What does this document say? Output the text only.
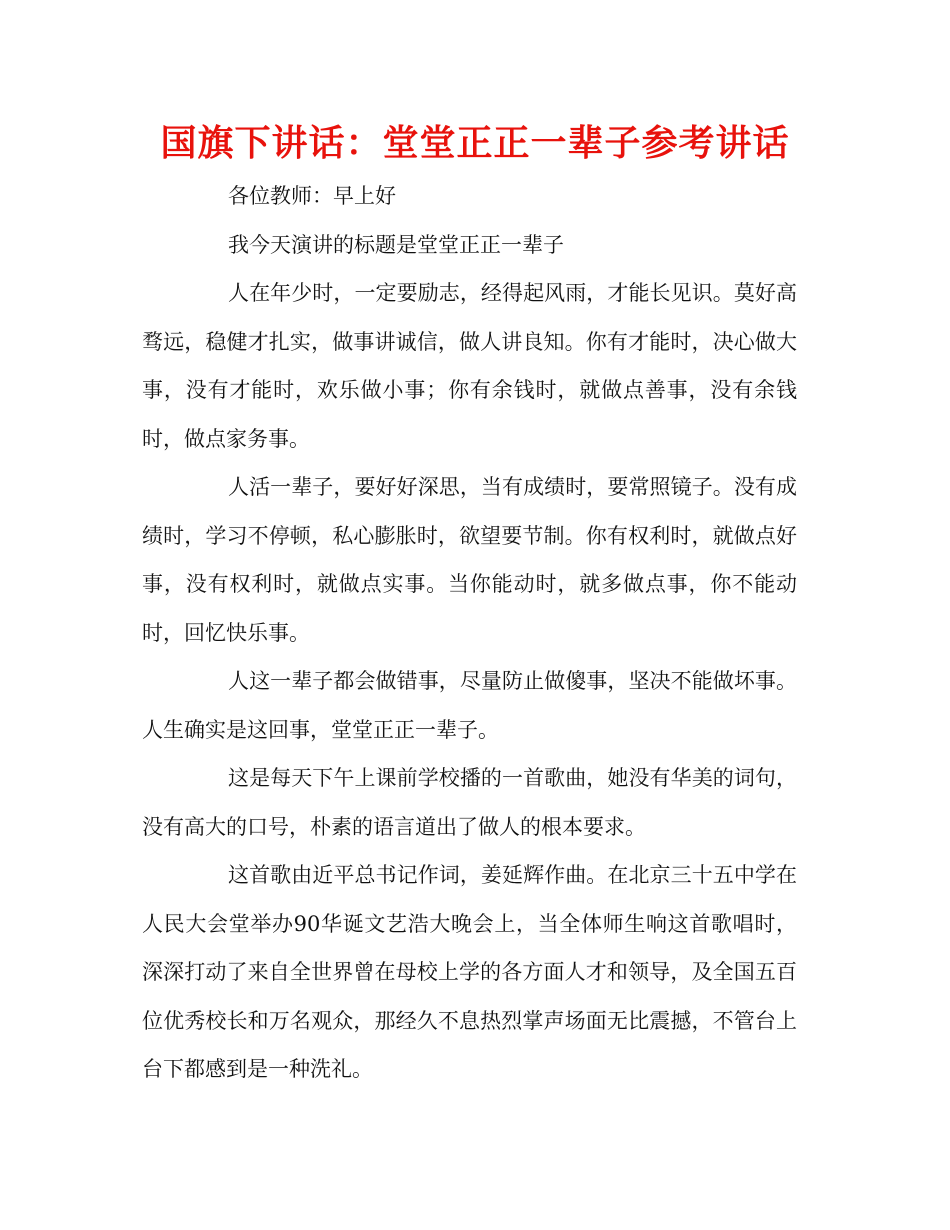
国旗下讲话：堂堂正正一辈子参考讲话

各位教师：早上好

我今天演讲的标题是堂堂正正一辈子

人在年少时，一定要励志，经得起风雨，才能长见识。莫好高骛远，稳健才扎实，做事讲诚信，做人讲良知。你有才能时，决心做大事，没有才能时，欢乐做小事；你有余钱时，就做点善事，没有余钱时，做点家务事。

人活一辈子，要好好深思，当有成绩时，要常照镜子。没有成绩时，学习不停顿，私心膨胀时，欲望要节制。你有权利时，就做点好事，没有权利时，就做点实事。当你能动时，就多做点事，你不能动时，回忆快乐事。

人这一辈子都会做错事，尽量防止做傻事，坚决不能做坏事。人生确实是这回事，堂堂正正一辈子。

这是每天下午上课前学校播的一首歌曲，她没有华美的词句，没有高大的口号，朴素的语言道出了做人的根本要求。

这首歌由近平总书记作词，姜延辉作曲。在北京三十五中学在人民大会堂举办90华诞文艺浩大晚会上，当全体师生响这首歌唱时，深深打动了来自全世界曾在母校上学的各方面人才和领导，及全国五百位优秀校长和万名观众，那经久不息热烈掌声场面无比震撼，不管台上台下都感到是一种洗礼。
